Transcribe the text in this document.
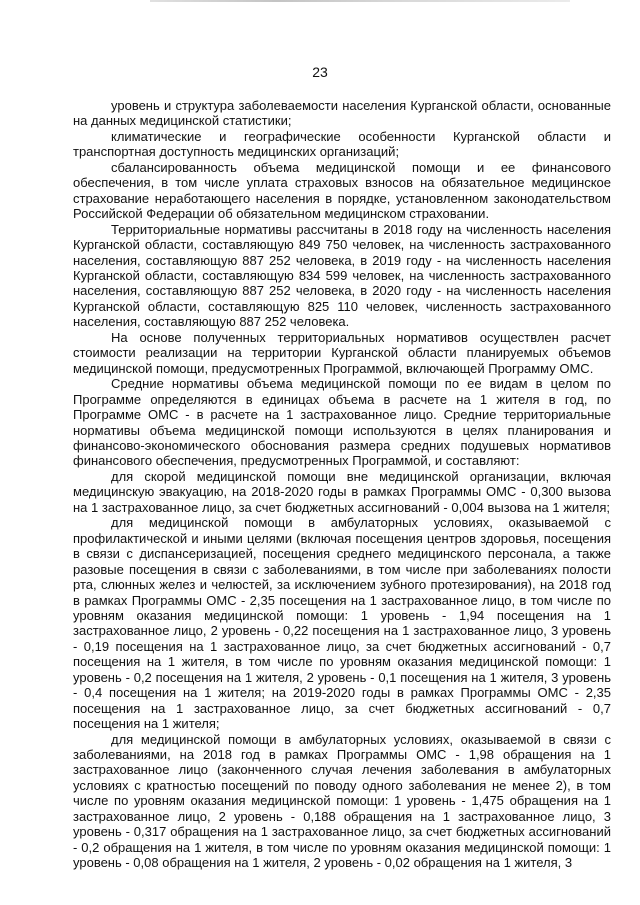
23

уровень и структура заболеваемости населения Курганской области, основанные на данных медицинской статистики;

климатические и географические особенности Курганской области и транспортная доступность медицинских организаций;

сбалансированность объема медицинской помощи и ее финансового обеспечения, в том числе уплата страховых взносов на обязательное медицинское страхование неработающего населения в порядке, установленном законодательством Российской Федерации об обязательном медицинском страховании.

Территориальные нормативы рассчитаны в 2018 году на численность населения Курганской области, составляющую 849 750 человек, на численность застрахованного населения, составляющую 887 252 человека, в 2019 году - на численность населения Курганской области, составляющую 834 599 человек, на численность застрахованного населения, составляющую 887 252 человека, в 2020 году - на численность населения Курганской области, составляющую 825 110 человек, численность застрахованного населения, составляющую 887 252 человека.

На основе полученных территориальных нормативов осуществлен расчет стоимости реализации на территории Курганской области планируемых объемов медицинской помощи, предусмотренных Программой, включающей Программу ОМС.

Средние нормативы объема медицинской помощи по ее видам в целом по Программе определяются в единицах объема в расчете на 1 жителя в год, по Программе ОМС - в расчете на 1 застрахованное лицо. Средние территориальные нормативы объема медицинской помощи используются в целях планирования и финансово-экономического обоснования размера средних подушевых нормативов финансового обеспечения, предусмотренных Программой, и составляют:

для скорой медицинской помощи вне медицинской организации, включая медицинскую эвакуацию, на 2018-2020 годы в рамках Программы ОМС - 0,300 вызова на 1 застрахованное лицо, за счет бюджетных ассигнований - 0,004 вызова на 1 жителя;

для медицинской помощи в амбулаторных условиях, оказываемой с профилактической и иными целями (включая посещения центров здоровья, посещения в связи с диспансеризацией, посещения среднего медицинского персонала, а также разовые посещения в связи с заболеваниями, в том числе при заболеваниях полости рта, слюнных желез и челюстей, за исключением зубного протезирования), на 2018 год в рамках Программы ОМС - 2,35 посещения на 1 застрахованное лицо, в том числе по уровням оказания медицинской помощи: 1 уровень - 1,94 посещения на 1 застрахованное лицо, 2 уровень - 0,22 посещения на 1 застрахованное лицо, 3 уровень - 0,19 посещения на 1 застрахованное лицо, за счет бюджетных ассигнований - 0,7 посещения на 1 жителя, в том числе по уровням оказания медицинской помощи: 1 уровень - 0,2 посещения на 1 жителя, 2 уровень - 0,1 посещения на 1 жителя, 3 уровень - 0,4 посещения на 1 жителя; на 2019-2020 годы в рамках Программы ОМС - 2,35 посещения на 1 застрахованное лицо, за счет бюджетных ассигнований - 0,7 посещения на 1 жителя;

для медицинской помощи в амбулаторных условиях, оказываемой в связи с заболеваниями, на 2018 год в рамках Программы ОМС - 1,98 обращения на 1 застрахованное лицо (законченного случая лечения заболевания в амбулаторных условиях с кратностью посещений по поводу одного заболевания не менее 2), в том числе по уровням оказания медицинской помощи: 1 уровень - 1,475 обращения на 1 застрахованное лицо, 2 уровень - 0,188 обращения на 1 застрахованное лицо, 3 уровень - 0,317 обращения на 1 застрахованное лицо, за счет бюджетных ассигнований - 0,2 обращения на 1 жителя, в том числе по уровням оказания медицинской помощи: 1 уровень - 0,08 обращения на 1 жителя, 2 уровень - 0,02 обращения на 1 жителя, 3
